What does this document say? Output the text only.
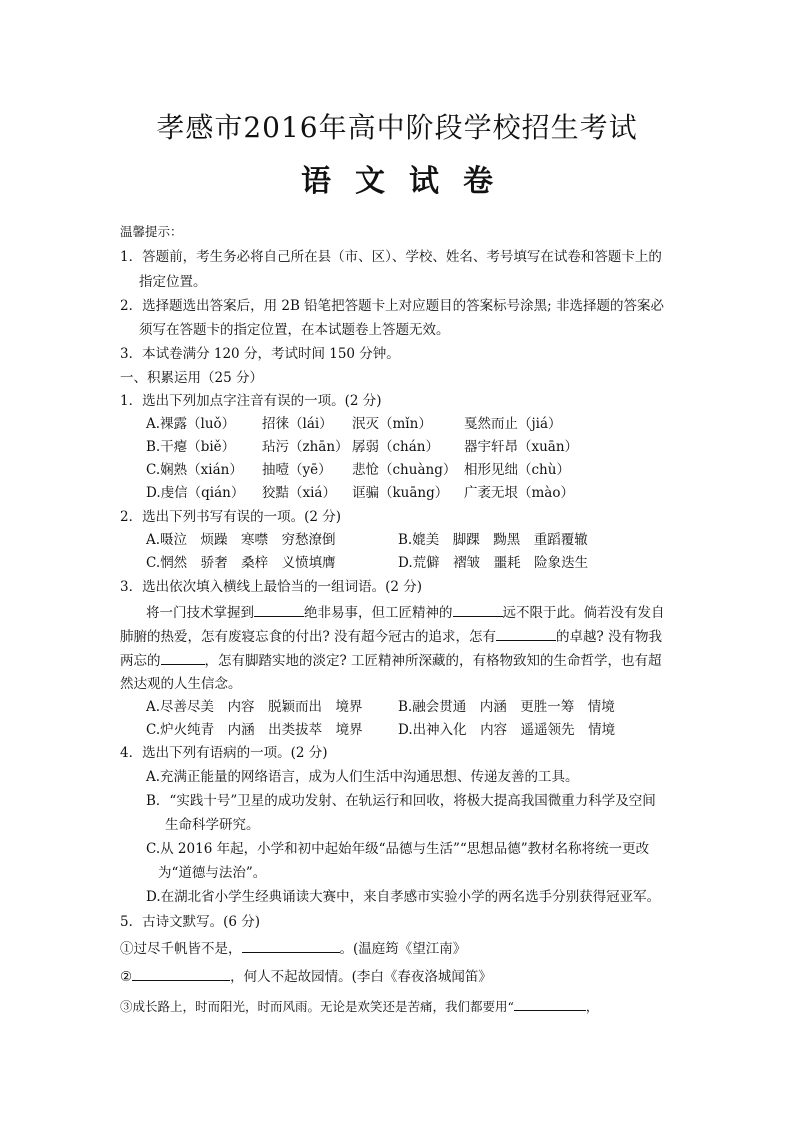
孝感市2016年高中阶段学校招生考试
语文试卷
温馨提示：
1．答题前，考生务必将自己所在县（市、区）、学校、姓名、考号填写在试卷和答题卡上的
指定位置。
2．选择题选出答案后，用 2B 铅笔把答题卡上对应题目的答案标号涂黑; 非选择题的答案必
须写在答题卡的指定位置，在本试题卷上答题无效。
3．本试卷满分 120 分，考试时间 150 分钟。
一、积累运用（25 分）
1．选出下列加点字注音有误的一项。(2 分)
A.裸露（luǒ） 招徕（lái） 泯灭（mǐn） 戛然而止（jiá）
B.干瘪（biě） 玷污（zhān） 孱弱（chán） 器宇轩昂（xuān）
C.娴熟（xián） 抽噎（yē） 悲怆（chuàng） 相形见绌（chù）
D.虔信（qián） 狡黠（xiá） 诓骗（kuāng） 广袤无垠（mào）
2．选出下列书写有误的一项。(2 分)
A.嗫泣　烦躁　寒噤　穷愁潦倒	B.媲美　脚踝　黝黑　重蹈覆辙
C.惘然　骄奢　桑梓　义愤填膺	D.荒僻　褶皱　噩耗　险象迭生
3．选出依次填入横线上最恰当的一组词语。(2 分)
将一门技术掌握到	绝非易事，但工匠精神的	远不限于此。倘若没有发自
肺腑的热爱，怎有废寝忘食的付出? 没有超今冠古的追求，怎有	的卓越? 没有物我
两忘的	，怎有脚踏实地的淡定? 工匠精神所深藏的，有格物致知的生命哲学，也有超
然达观的人生信念。
A.尽善尽美　内容　脱颖而出　境界	B.融会贯通　内涵　更胜一筹　情境
C.炉火纯青　内涵　出类拔萃　境界	D.出神入化　内容　遥遥领先　情境
4．选出下列有语病的一项。(2 分)
A.充满正能量的网络语言，成为人们生活中沟通思想、传递友善的工具。
B．“实践十号”卫星的成功发射、在轨运行和回收，将极大提高我国微重力科学及空间
生命科学研究。
C.从 2016 年起，小学和初中起始年级“品德与生活”“思想品德”教材名称将统一更改
为“道德与法治”。
D.在湖北省小学生经典诵读大赛中，来自孝感市实验小学的两名选手分别获得冠亚军。
5．古诗文默写。(6 分)
①过尽千帆皆不是，	。(温庭筠《望江南》
②	，何人不起故园情。(李白《春夜洛城闻笛》
③成长路上，时而阳光，时而风雨。无论是欢笑还是苦痛，我们都要用“	，
